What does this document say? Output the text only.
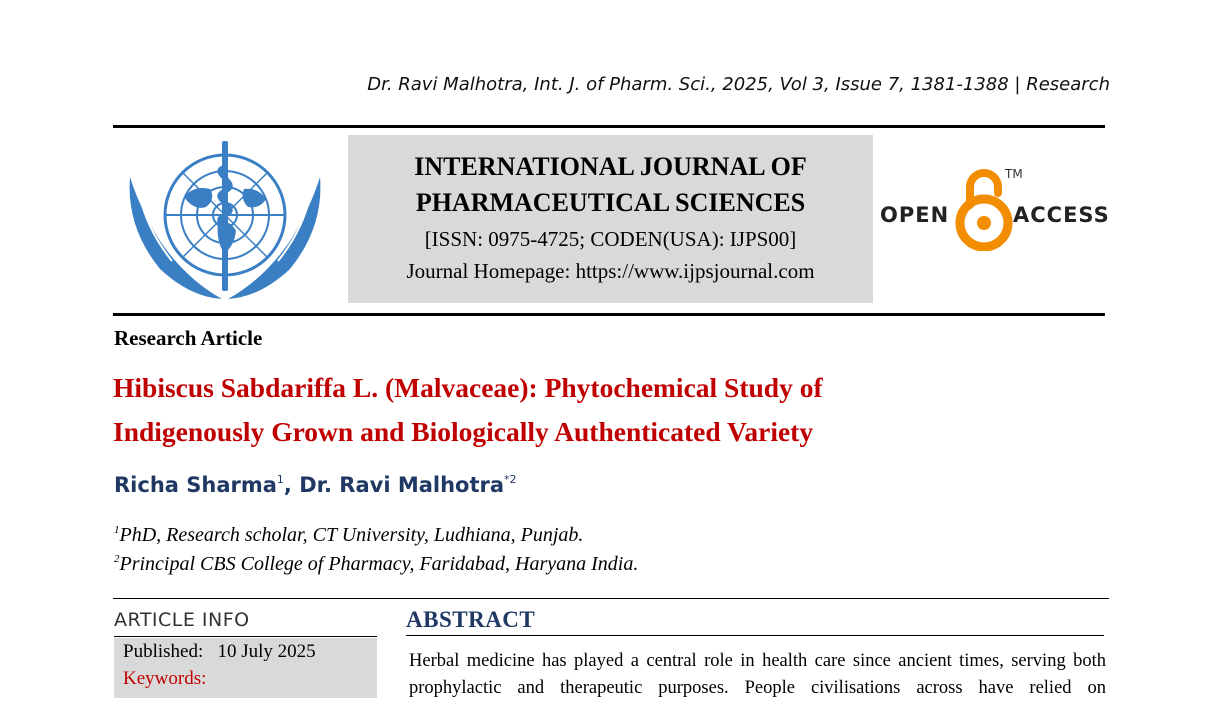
Dr. Ravi Malhotra, Int. J. of Pharm. Sci., 2025, Vol 3, Issue 7, 1381-1388 | Research
INTERNATIONAL JOURNAL OF
PHARMACEUTICAL SCIENCES
[ISSN: 0975-4725; CODEN(USA): IJPS00]
Journal Homepage: https://www.ijpsjournal.com
OPEN
TM
ACCESS
Research Article
Hibiscus Sabdariffa L. (Malvaceae): Phytochemical Study of
Indigenously Grown and Biologically Authenticated Variety
Richa Sharma$^1$, Dr. Ravi Malhotra$^{*2}$
$^1$PhD, Research scholar, CT University, Ludhiana, Punjab.
$^2$Principal CBS College of Pharmacy, Faridabad, Haryana India.
ARTICLE INFO
Published: 10 July 2025
Keywords:
ABSTRACT
Herbal medicine has played a central role in health care since ancient times, serving both
prophylactic and therapeutic purposes. People civilisations across have relied on
